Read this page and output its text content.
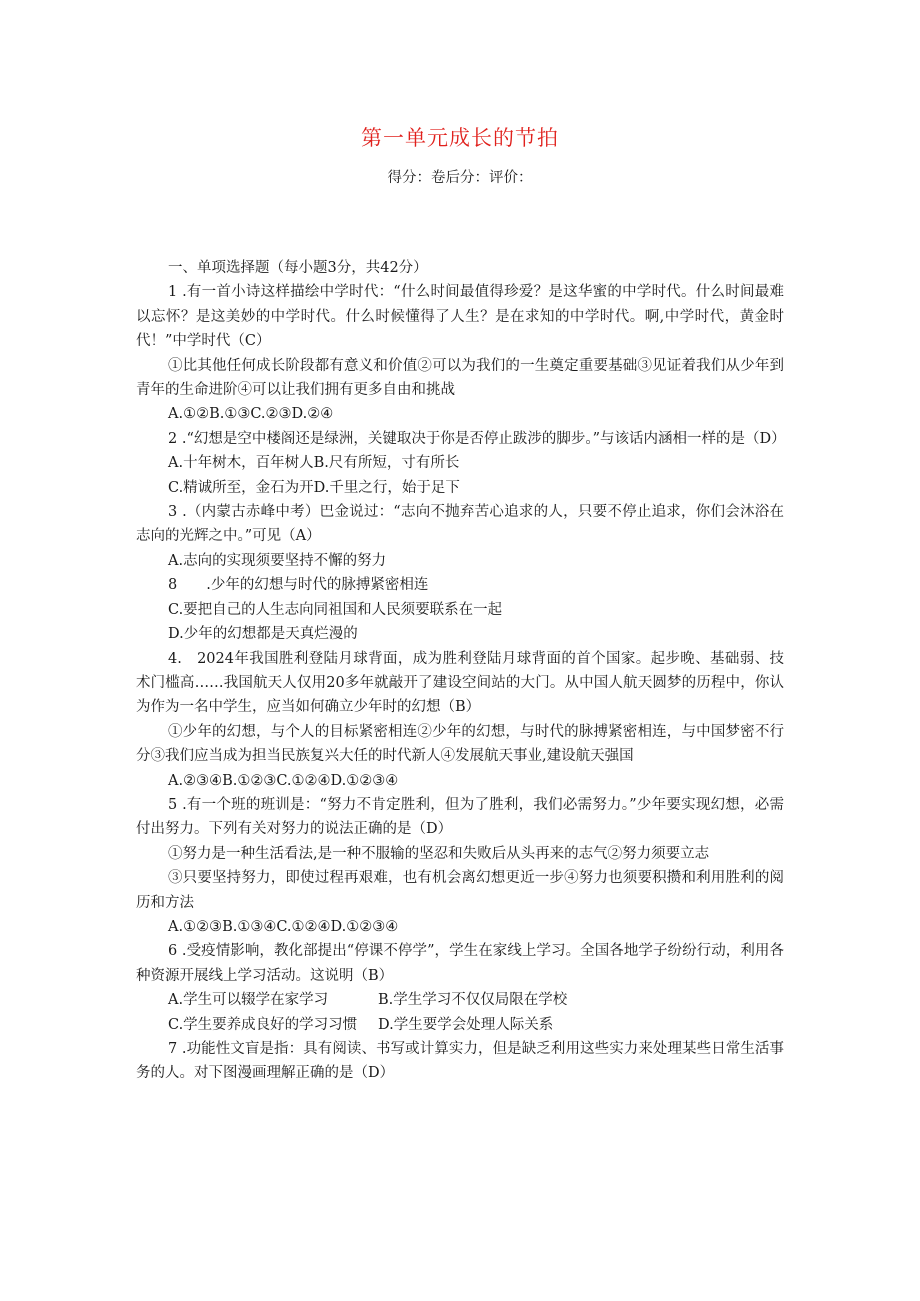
第一单元成长的节拍
得分：卷后分：评价：

一、单项选择题（每小题3分，共42分）

1 .有一首小诗这样描绘中学时代：“什么时间最值得珍爱？是这华蜜的中学时代。什么时间最难以忘怀？是这美妙的中学时代。什么时候懂得了人生？是在求知的中学时代。啊,中学时代，黄金时代！”中学时代（C）

①比其他任何成长阶段都有意义和价值②可以为我们的一生奠定重要基础③见证着我们从少年到青年的生命进阶④可以让我们拥有更多自由和挑战

A.①②B.①③C.②③D.②④

2 .“幻想是空中楼阁还是绿洲，关键取决于你是否停止跋涉的脚步。”与该话内涵相一样的是（D）

A.十年树木，百年树人B.尺有所短，寸有所长

C.精诚所至，金石为开D.千里之行，始于足下

3 .（内蒙古赤峰中考）巴金说过：“志向不抛弃苦心追求的人，只要不停止追求，你们会沐浴在志向的光辉之中。”可见（A）

A.志向的实现须要坚持不懈的努力

8　　.少年的幻想与时代的脉搏紧密相连

C.要把自己的人生志向同祖国和人民须要联系在一起

D.少年的幻想都是天真烂漫的

4.　2024年我国胜利登陆月球背面，成为胜利登陆月球背面的首个国家。起步晚、基础弱、技术门槛高……我国航天人仅用20多年就敲开了建设空间站的大门。从中国人航天圆梦的历程中，你认为作为一名中学生，应当如何确立少年时的幻想（B）

①少年的幻想，与个人的目标紧密相连②少年的幻想，与时代的脉搏紧密相连，与中国梦密不行分③我们应当成为担当民族复兴大任的时代新人④发展航天事业,建设航天强国

A.②③④B.①②③C.①②④D.①②③④

5 .有一个班的班训是：“努力不肯定胜利，但为了胜利，我们必需努力。”少年要实现幻想，必需付出努力。下列有关对努力的说法正确的是（D）

①努力是一种生活看法,是一种不服输的坚忍和失败后从头再来的志气②努力须要立志

③只要坚持努力，即使过程再艰难，也有机会离幻想更近一步④努力也须要积攒和利用胜利的阅历和方法

A.①②③B.①③④C.①②④D.①②③④

6 .受疫情影响，教化部提出“停课不停学”，学生在家线上学习。全国各地学子纷纷行动，利用各种资源开展线上学习活动。这说明（B）

A.学生可以辍学在家学习	B.学生学习不仅仅局限在学校
C.学生要养成良好的学习习惯	D.学生要学会处理人际关系

7 .功能性文盲是指：具有阅读、书写或计算实力，但是缺乏利用这些实力来处理某些日常生活事务的人。对下图漫画理解正确的是（D）
